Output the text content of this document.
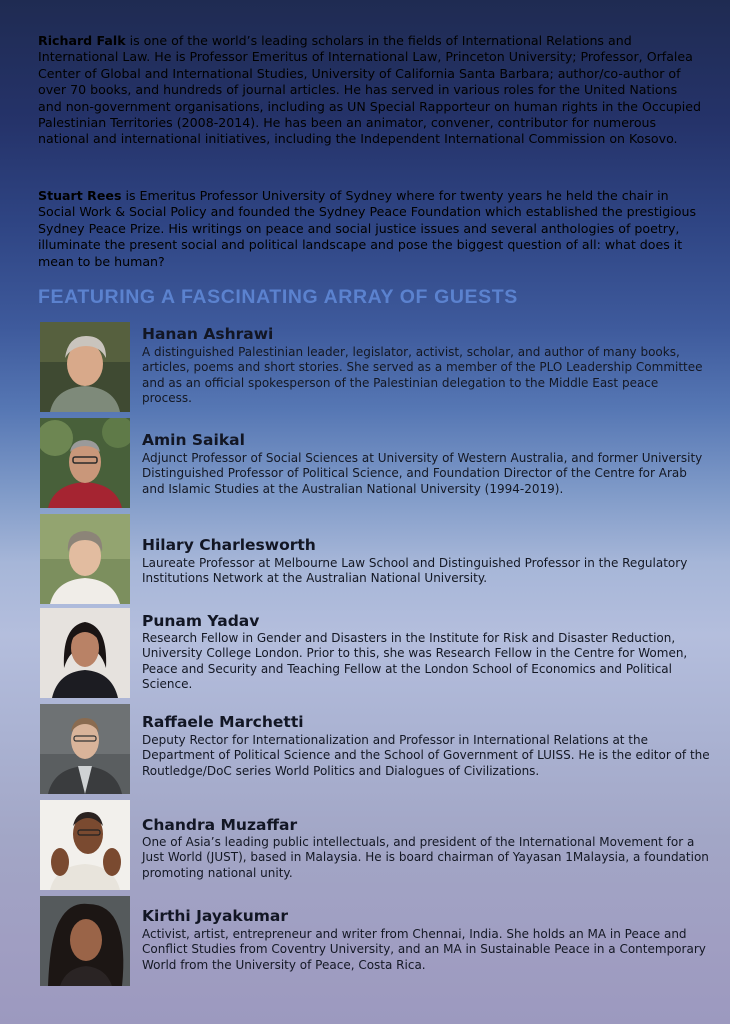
Richard Falk is one of the world’s leading scholars in the fields of International Relations and International Law. He is Professor Emeritus of International Law, Princeton University; Professor, Orfalea Center of Global and International Studies, University of California Santa Barbara; author/co-author of over 70 books, and hundreds of journal articles. He has served in various roles for the United Nations and non-government organisations, including as UN Special Rapporteur on human rights in the Occupied Palestinian Territories (2008-2014). He has been an animator, convener, contributor for numerous national and international initiatives, including the Independent International Commission on Kosovo.

Stuart Rees is Emeritus Professor University of Sydney where for twenty years he held the chair in Social Work & Social Policy and founded the Sydney Peace Foundation which established the prestigious Sydney Peace Prize. His writings on peace and social justice issues and several anthologies of poetry, illuminate the present social and political landscape and pose the biggest question of all: what does it mean to be human?

FEATURING A FASCINATING ARRAY OF GUESTS
Hanan Ashrawi
A distinguished Palestinian leader, legislator, activist, scholar, and author of many books, articles, poems and short stories. She served as a member of the PLO Leadership Committee and as an official spokesperson of the Palestinian delegation to the Middle East peace process.
Amin Saikal
Adjunct Professor of Social Sciences at University of Western Australia, and former University Distinguished Professor of Political Science, and Foundation Director of the Centre for Arab and Islamic Studies at the Australian National University (1994-2019).
Hilary Charlesworth
Laureate Professor at Melbourne Law School and Distinguished Professor in the Regulatory Institutions Network at the Australian National University.
Punam Yadav
Research Fellow in Gender and Disasters in the Institute for Risk and Disaster Reduction, University College London. Prior to this, she was Research Fellow in the Centre for Women, Peace and Security and Teaching Fellow at the London School of Economics and Political Science.
Raffaele Marchetti
Deputy Rector for Internationalization and Professor in International Relations at the Department of Political Science and the School of Government of LUISS. He is the editor of the Routledge/DoC series World Politics and Dialogues of Civilizations.
Chandra Muzaffar
One of Asia’s leading public intellectuals, and president of the International Movement for a Just World (JUST), based in Malaysia. He is board chairman of Yayasan 1Malaysia, a foundation promoting national unity.
Kirthi Jayakumar
Activist, artist, entrepreneur and writer from Chennai, India. She holds an MA in Peace and Conflict Studies from Coventry University, and an MA in Sustainable Peace in a Contemporary World from the University of Peace, Costa Rica.
